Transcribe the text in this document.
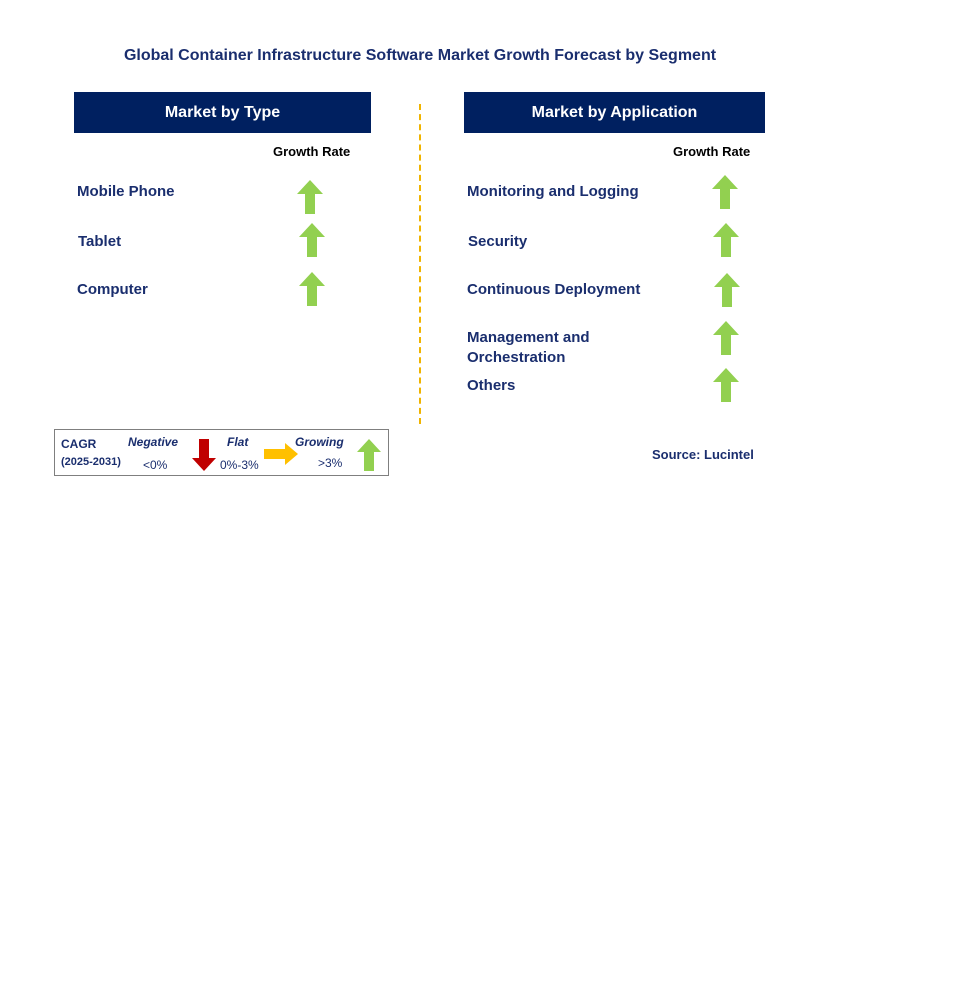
Global Container Infrastructure Software Market Growth Forecast by Segment
Market by Type
Growth Rate
Mobile Phone
Tablet
Computer
Market by Application
Growth Rate
Monitoring and Logging
Security
Continuous Deployment
Management and Orchestration
Others
CAGR
(2025-2031)
Negative
<0%
Flat
0%-3%
Growing
>3%
Source: Lucintel
